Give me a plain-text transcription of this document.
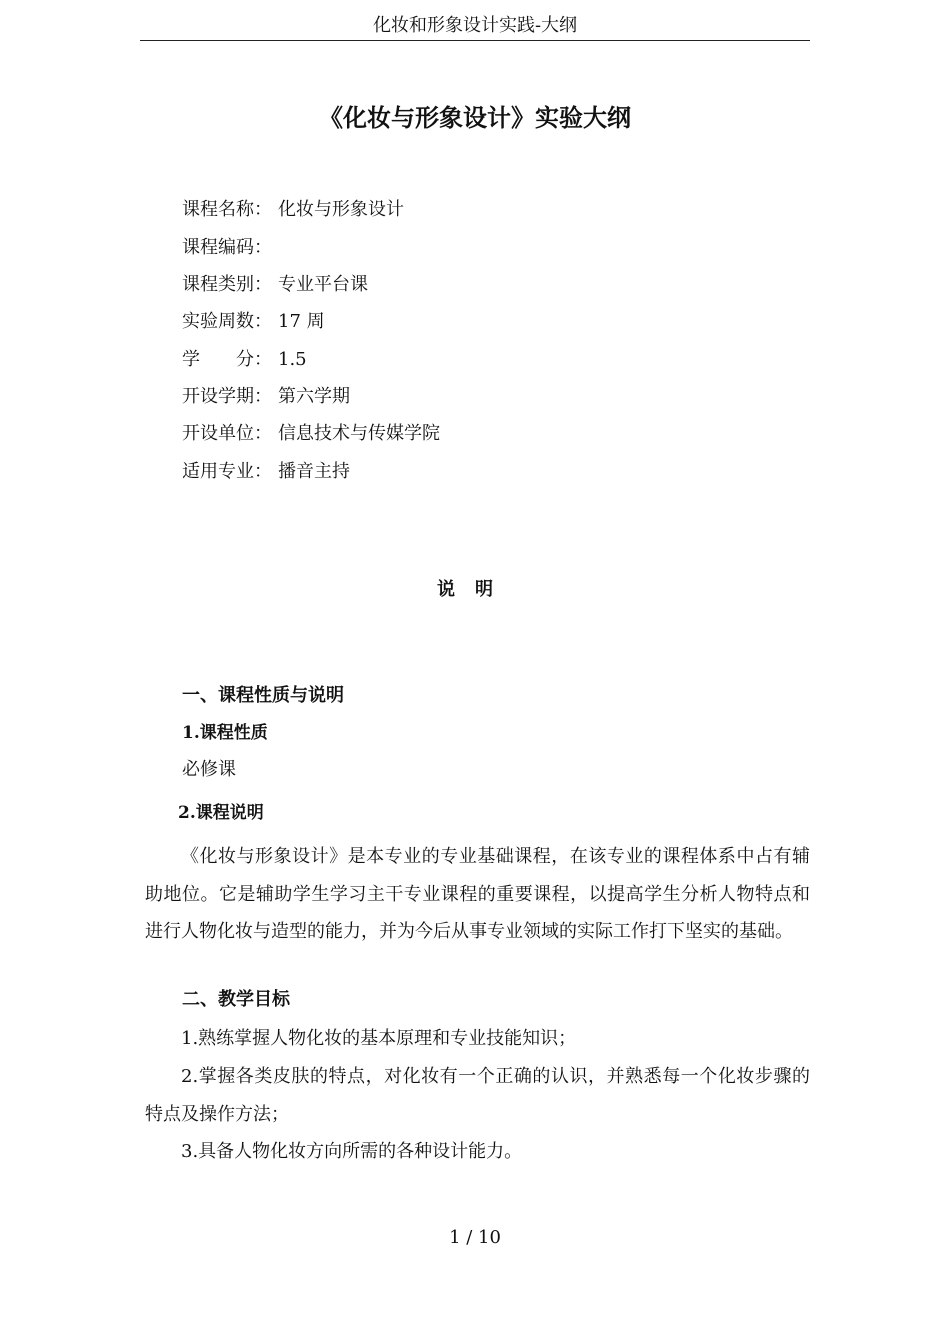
化妆和形象设计实践-大纲
《化妆与形象设计》实验大纲
课程名称： 化妆与形象设计
课程编码：
课程类别： 专业平台课
实验周数： 17 周
学　　分： 1.5
开设学期： 第六学期
开设单位： 信息技术与传媒学院
适用专业： 播音主持
说明
一、课程性质与说明
1.课程性质
必修课
2.课程说明

《化妆与形象设计》是本专业的专业基础课程，在该专业的课程体系中占有辅助地位。它是辅助学生学习主干专业课程的重要课程，以提高学生分析人物特点和进行人物化妆与造型的能力，并为今后从事专业领域的实际工作打下坚实的基础。

二、教学目标

1.熟练掌握人物化妆的基本原理和专业技能知识；

2.掌握各类皮肤的特点，对化妆有一个正确的认识，并熟悉每一个化妆步骤的特点及操作方法；

3.具备人物化妆方向所需的各种设计能力。

1 / 10
